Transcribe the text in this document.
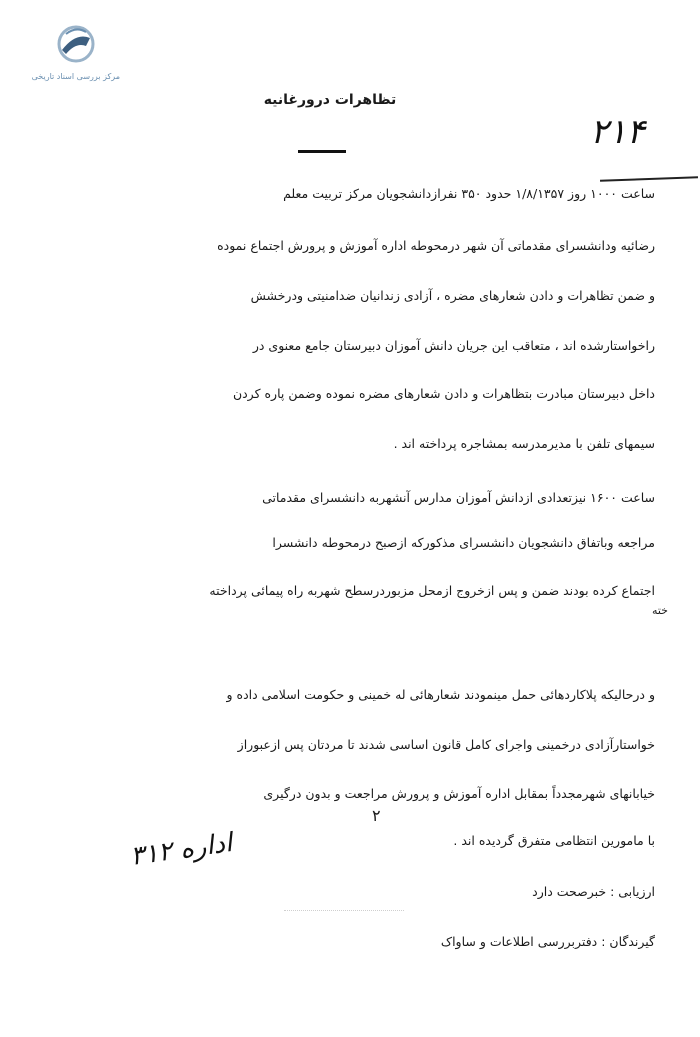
مرکز بررسی اسناد تاریخی
۲۱۴
تظاهرات درورغانیه
ساعت ۱۰۰۰ روز ۱/۸/۱۳۵۷ حدود ۳۵۰ نفرازدانشجویان مرکز تربیت معلم
رضائیه ودانشسرای مقدماتی آن شهر درمحوطه اداره آموزش و پرورش اجتماع نموده
و ضمن تظاهرات و دادن شعارهای مضره ، آزادی زندانیان ضدامنیتی ودرخشش
راخواستارشده اند ، متعاقب این جریان دانش آموزان دبیرستان جامع معنوی در
داخل دبیرستان مبادرت بتظاهرات و دادن شعارهای مضره نموده وضمن پاره کردن
سیمهای تلفن با مدیرمدرسه بمشاجره پرداخته اند .
ساعت ۱۶۰۰ نیزتعدادی ازدانش آموزان مدارس آنشهربه دانشسرای مقدماتی
مراجعه وباتفاق دانشجویان دانشسرای مذکورکه ازصبح درمحوطه دانشسرا
خته
اجتماع کرده بودند ضمن و پس ازخروج ازمحل مزبوردرسطح شهربه راه پیمائی پرداخته
و درحالیکه پلاکاردهائی حمل مینمودند شعارهائی له خمینی و حکومت اسلامی داده و
خواستارآزادی درخمینی واجرای کامل قانون اساسی شدند تا مردتان پس ازعبوراز
خیابانهای شهرمجدداً بمقابل اداره آموزش و پرورش مراجعت و بدون درگیری
۲
با مامورین انتظامی متفرق گردیده اند .
اداره ۳۱۲
ارزیابی : خبرصحت دارد
گیرندگان : دفتربررسی اطلاعات و ساواک
